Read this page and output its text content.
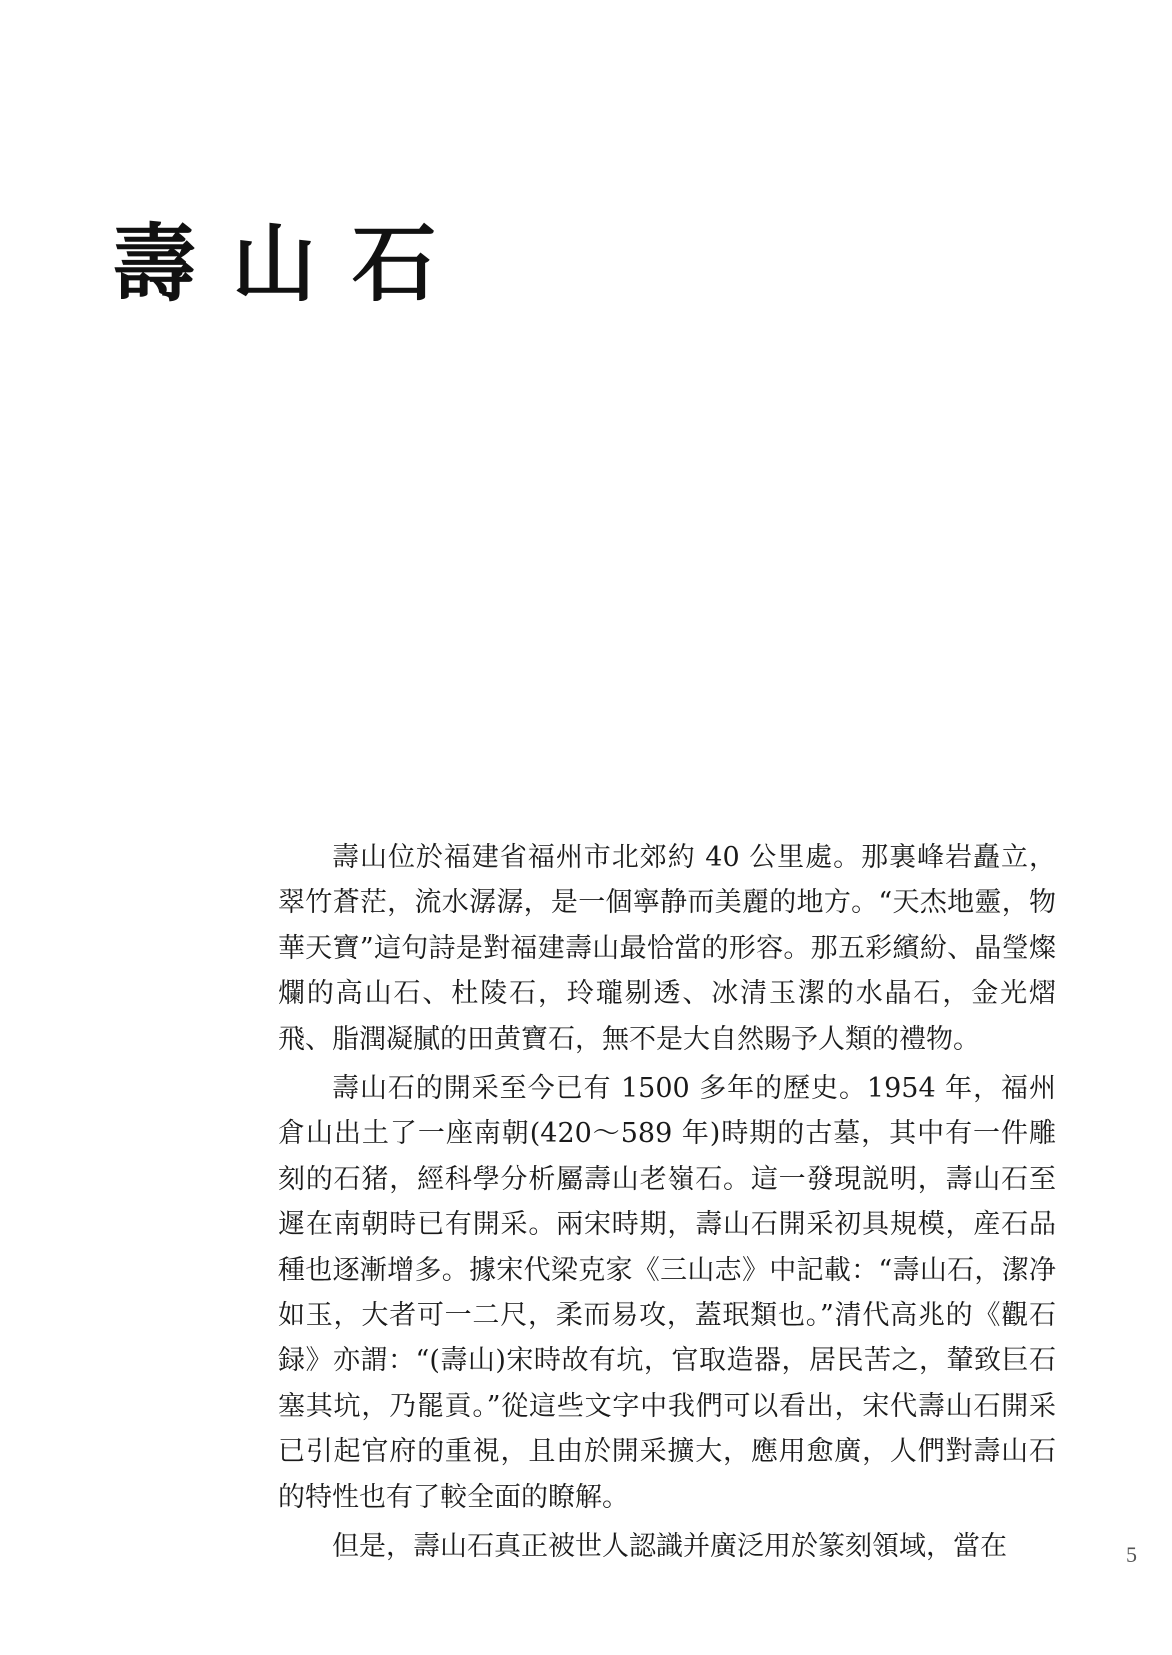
壽山石

壽山位於福建省福州市北郊約 40 公里處。那裏峰岩矗立，翠竹蒼茫，流水潺潺，是一個寧静而美麗的地方。“天杰地靈，物華天寶”這句詩是對福建壽山最恰當的形容。那五彩繽紛、晶瑩燦爛的高山石、杜陵石，玲瓏剔透、冰清玉潔的水晶石，金光熠飛、脂潤凝膩的田黄寶石，無不是大自然賜予人類的禮物。

壽山石的開采至今已有 1500 多年的歷史。1954 年，福州倉山出土了一座南朝(420～589 年)時期的古墓，其中有一件雕刻的石猪，經科學分析屬壽山老嶺石。這一發現説明，壽山石至遲在南朝時已有開采。兩宋時期，壽山石開采初具規模，産石品種也逐漸增多。據宋代梁克家《三山志》中記載：“壽山石，潔净如玉，大者可一二尺，柔而易攻，蓋珉類也。”清代高兆的《觀石録》亦謂：“(壽山)宋時故有坑，官取造器，居民苦之，輦致巨石塞其坑，乃罷貢。”從這些文字中我們可以看出，宋代壽山石開采已引起官府的重視，且由於開采擴大，應用愈廣，人們對壽山石的特性也有了較全面的瞭解。

但是，壽山石真正被世人認識并廣泛用於篆刻領域，當在	5
